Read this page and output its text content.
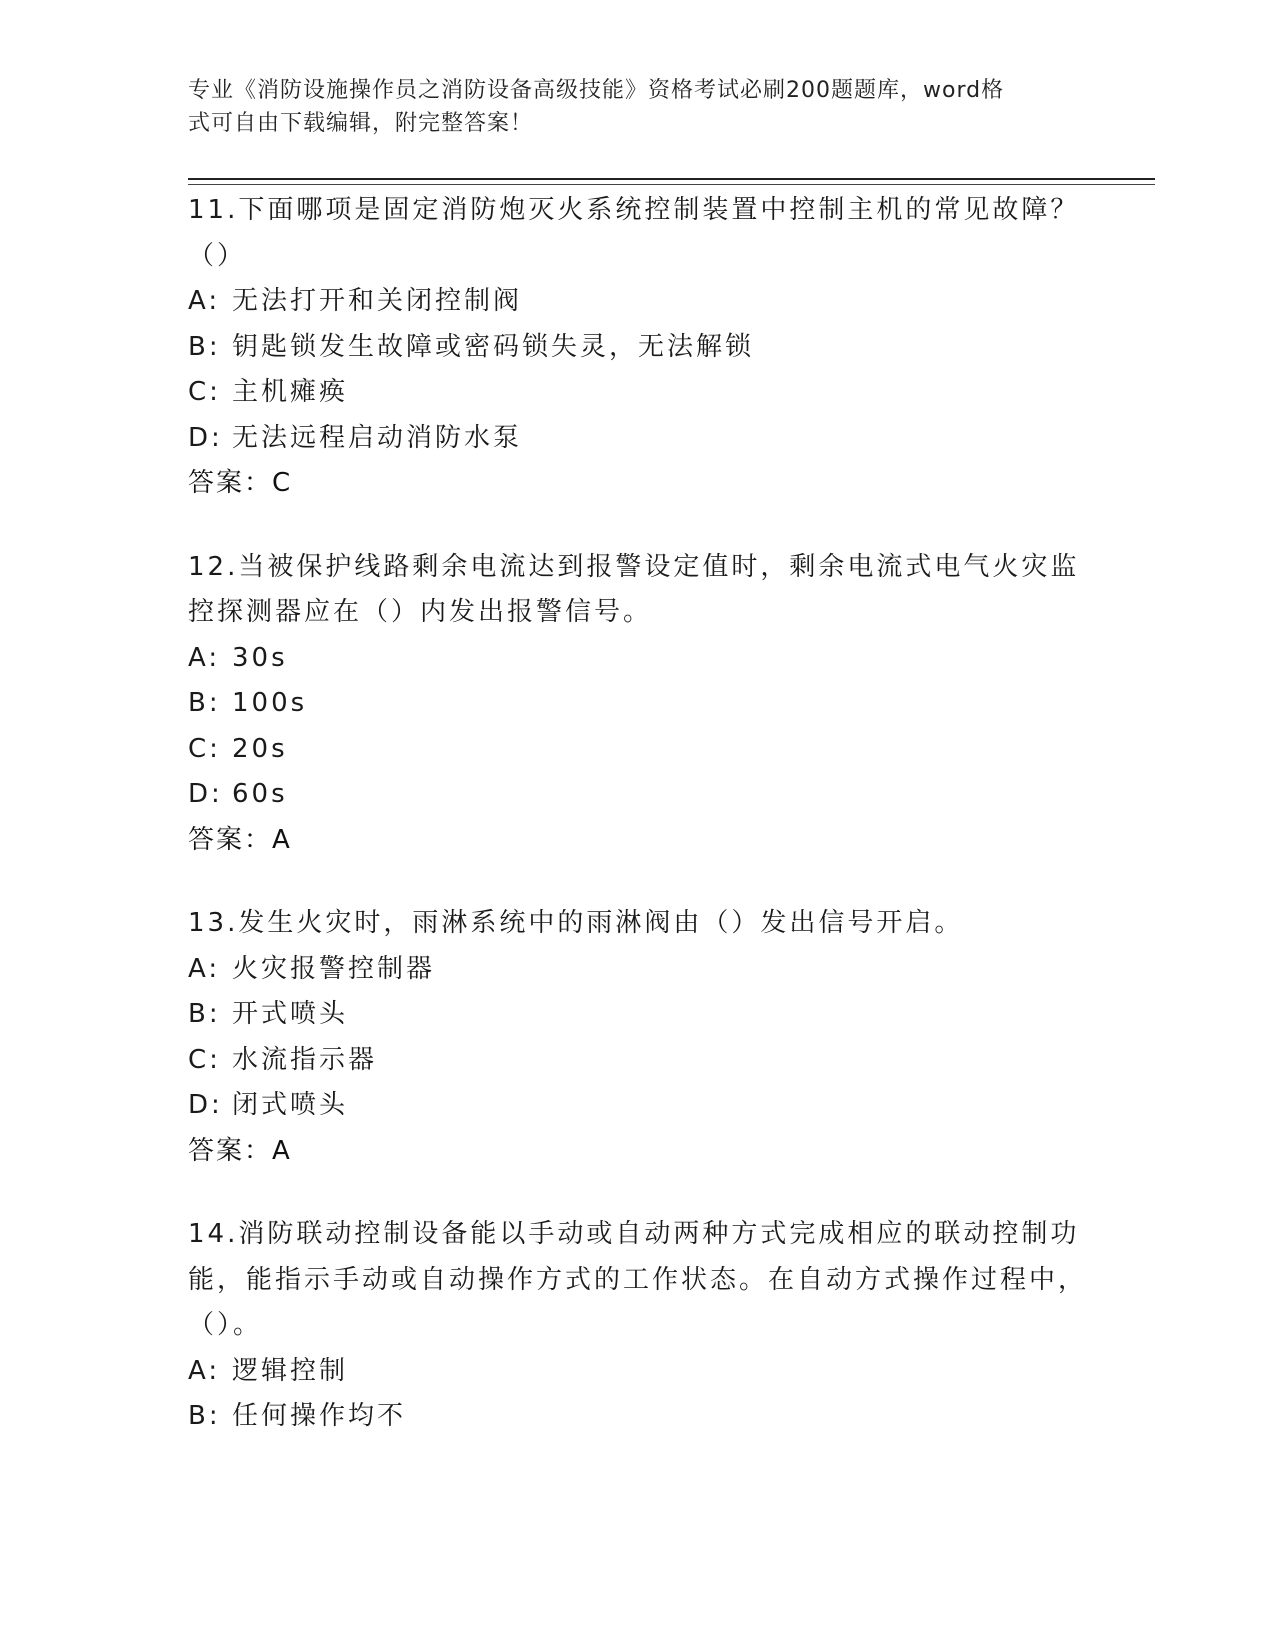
专业《消防设施操作员之消防设备高级技能》资格考试必刷200题题库，word格
式可自由下载编辑，附完整答案！
11.下面哪项是固定消防炮灭火系统控制装置中控制主机的常见故障？（）
A: 无法打开和关闭控制阀
B: 钥匙锁发生故障或密码锁失灵，无法解锁
C: 主机瘫痪
D: 无法远程启动消防水泵
答案：C
12.当被保护线路剩余电流达到报警设定值时，剩余电流式电气火灾监控探测器应在（）内发出报警信号。
A: 30s
B: 100s
C: 20s
D: 60s
答案：A
13.发生火灾时，雨淋系统中的雨淋阀由（）发出信号开启。
A: 火灾报警控制器
B: 开式喷头
C: 水流指示器
D: 闭式喷头
答案：A
14.消防联动控制设备能以手动或自动两种方式完成相应的联动控制功能，能指示手动或自动操作方式的工作状态。在自动方式操作过程中，（）。
A: 逻辑控制
B: 任何操作均不
